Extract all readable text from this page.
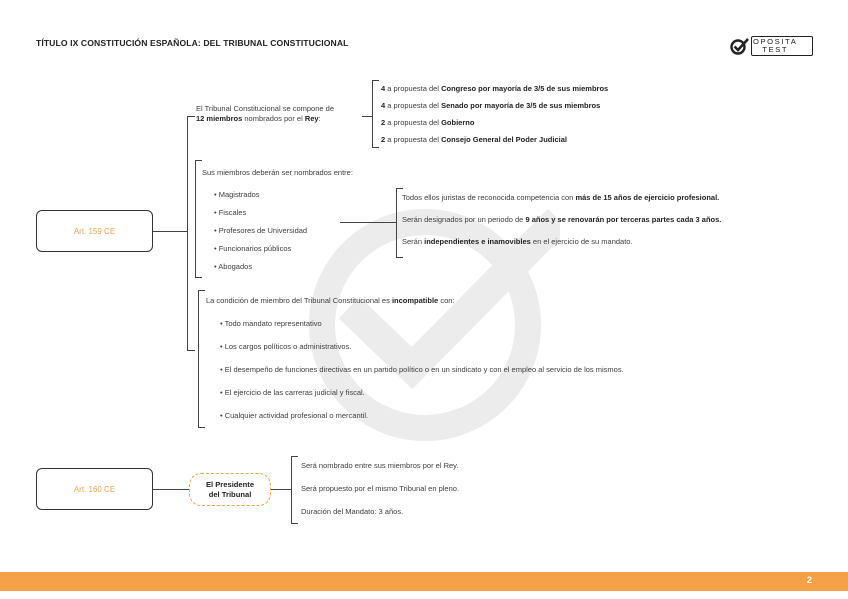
TÍTULO IX CONSTITUCIÓN ESPAÑOLA: DEL TRIBUNAL CONSTITUCIONAL	OPOSITA
TEST
Art. 159 CE
El Tribunal Constitucional se compone de
12 miembros nombrados por el Rey:
4 a propuesta del Congreso por mayoría de 3/5 de sus miembros
4 a propuesta del Senado por mayoría de 3/5 de sus miembros
2 a propuesta del Gobierno
2 a propuesta del Consejo General del Poder Judicial
Sus miembros deberán ser nombrados entre:
• Magistrados
• Fiscales
• Profesores de Universidad
• Funcionarios públicos
• Abogados
Todos ellos juristas de reconocida competencia con más de 15 años de ejercicio profesional.
Serán designados por un periodo de 9 años y se renovarán por terceras partes cada 3 años.
Serán independientes e inamovibles en el ejercicio de su mandato.
La condición de miembro del Tribunal Constitucional es incompatible con:
• Todo mandato representativo
• Los cargos políticos o administrativos.
• El desempeño de funciones directivas en un partido político o en un sindicato y con el empleo al servicio de los mismos.
• El ejercicio de las carreras judicial y fiscal.
• Cualquier actividad profesional o mercantil.
Art. 160 CE
El Presidente
del Tribunal
Será nombrado entre sus miembros por el Rey.
Será propuesto por el mismo Tribunal en pleno.
Duración del Mandato: 3 años.
2
